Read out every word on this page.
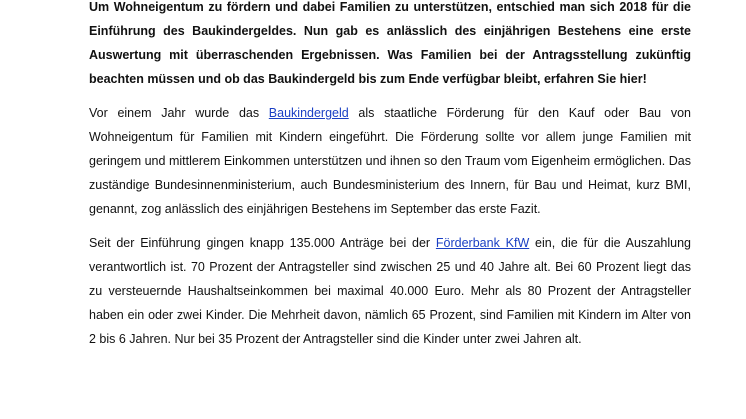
Um Wohneigentum zu fördern und dabei Familien zu unterstützen, entschied man sich 2018 für die Einführung des Baukindergeldes. Nun gab es anlässlich des einjährigen Bestehens eine erste Auswertung mit überraschenden Ergebnissen. Was Familien bei der Antragsstellung zukünftig beachten müssen und ob das Baukindergeld bis zum Ende verfügbar bleibt, erfahren Sie hier!

Vor einem Jahr wurde das Baukindergeld als staatliche Förderung für den Kauf oder Bau von Wohneigentum für Familien mit Kindern eingeführt. Die Förderung sollte vor allem junge Familien mit geringem und mittlerem Einkommen unterstützen und ihnen so den Traum vom Eigenheim ermöglichen. Das zuständige Bundesinnenministerium, auch Bundesministerium des Innern, für Bau und Heimat, kurz BMI, genannt, zog anlässlich des einjährigen Bestehens im September das erste Fazit.

Seit der Einführung gingen knapp 135.000 Anträge bei der Förderbank KfW ein, die für die Auszahlung verantwortlich ist. 70 Prozent der Antragsteller sind zwischen 25 und 40 Jahre alt. Bei 60 Prozent liegt das zu versteuernde Haushaltseinkommen bei maximal 40.000 Euro. Mehr als 80 Prozent der Antragsteller haben ein oder zwei Kinder. Die Mehrheit davon, nämlich 65 Prozent, sind Familien mit Kindern im Alter von 2 bis 6 Jahren. Nur bei 35 Prozent der Antragsteller sind die Kinder unter zwei Jahren alt.
